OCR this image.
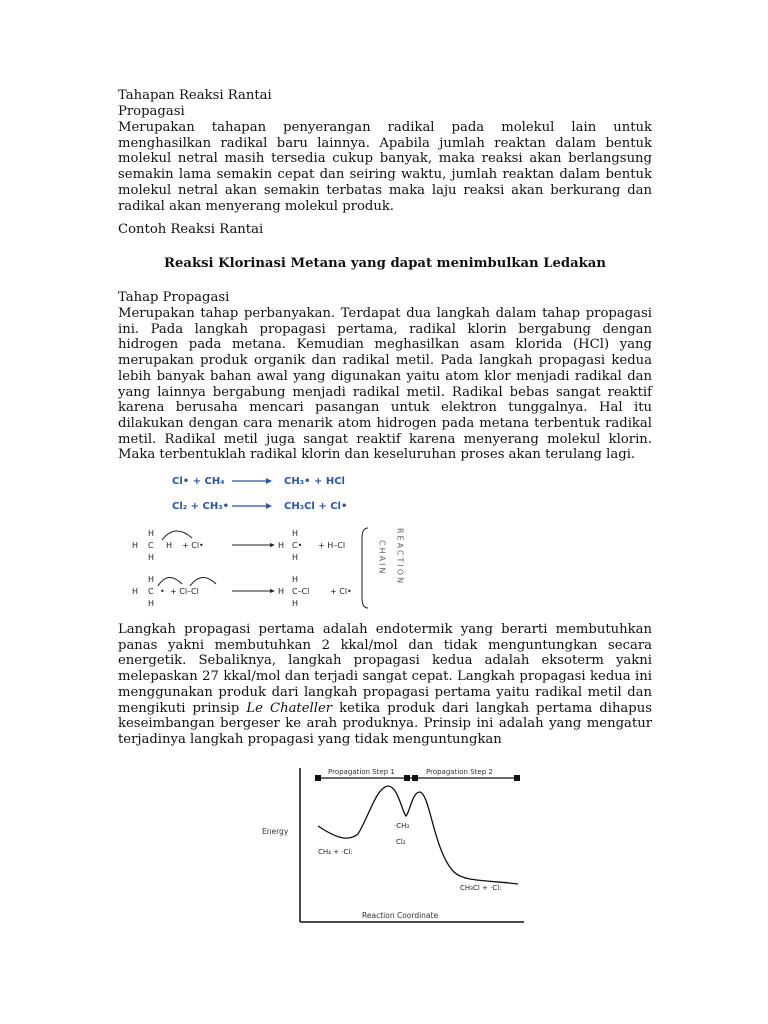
Tahapan Reaksi Rantai
Propagasi
Merupakan tahapan penyerangan radikal pada molekul lain untuk menghasilkan radikal baru lainnya. Apabila jumlah reaktan dalam bentuk molekul netral masih tersedia cukup banyak, maka reaksi akan berlangsung semakin lama semakin cepat dan seiring waktu, jumlah reaktan dalam bentuk molekul netral akan semakin terbatas maka laju reaksi akan berkurang dan radikal akan menyerang molekul produk.
Contoh Reaksi Rantai
Reaksi Klorinasi Metana yang dapat menimbulkan Ledakan
Tahap Propagasi
Merupakan tahap perbanyakan. Terdapat dua langkah dalam tahap propagasi ini. Pada langkah propagasi pertama, radikal klorin bergabung dengan hidrogen pada metana. Kemudian meghasilkan asam klorida (HCl) yang merupakan produk organik dan radikal metil. Pada langkah propagasi kedua lebih banyak bahan awal yang digunakan yaitu atom klor menjadi radikal dan yang lainnya bergabung menjadi radikal metil. Radikal bebas sangat reaktif karena berusaha mencari pasangan untuk elektron tunggalnya. Hal itu dilakukan dengan cara menarik atom hidrogen pada metana terbentuk radikal metil. Radikal metil juga sangat reaktif karena menyerang molekul klorin. Maka terbentuklah radikal klorin dan keseluruhan proses akan terulang lagi.
Cl• + CH₄	CH₃• + HCl
Cl₂ + CH₃•	CH₃Cl + Cl•
H
H
H C H + Cl•
H
H
H C• + H–Cl
H
H
H C • + Cl–Cl
H
H
H C–Cl	+ Cl•
CHAIN REACTION
Langkah propagasi pertama adalah endotermik yang berarti membutuhkan panas yakni membutuhkan 2 kkal/mol dan tidak menguntungkan secara energetik. Sebaliknya, langkah propagasi kedua adalah eksoterm yakni melepaskan 27 kkal/mol dan terjadi sangat cepat. Langkah propagasi kedua ini menggunakan produk dari langkah propagasi pertama yaitu radikal metil dan mengikuti prinsip Le Chateller ketika produk dari langkah pertama dihapus keseimbangan bergeser ke arah produknya. Prinsip ini adalah yang mengatur terjadinya langkah propagasi yang tidak menguntungkan
Propagation Step 1	Propagation Step 2
Energy
Reaction Coordinate
CH₄ + ·Cl:
·CH₃
Cl₂
CH₃Cl + ·Cl:
